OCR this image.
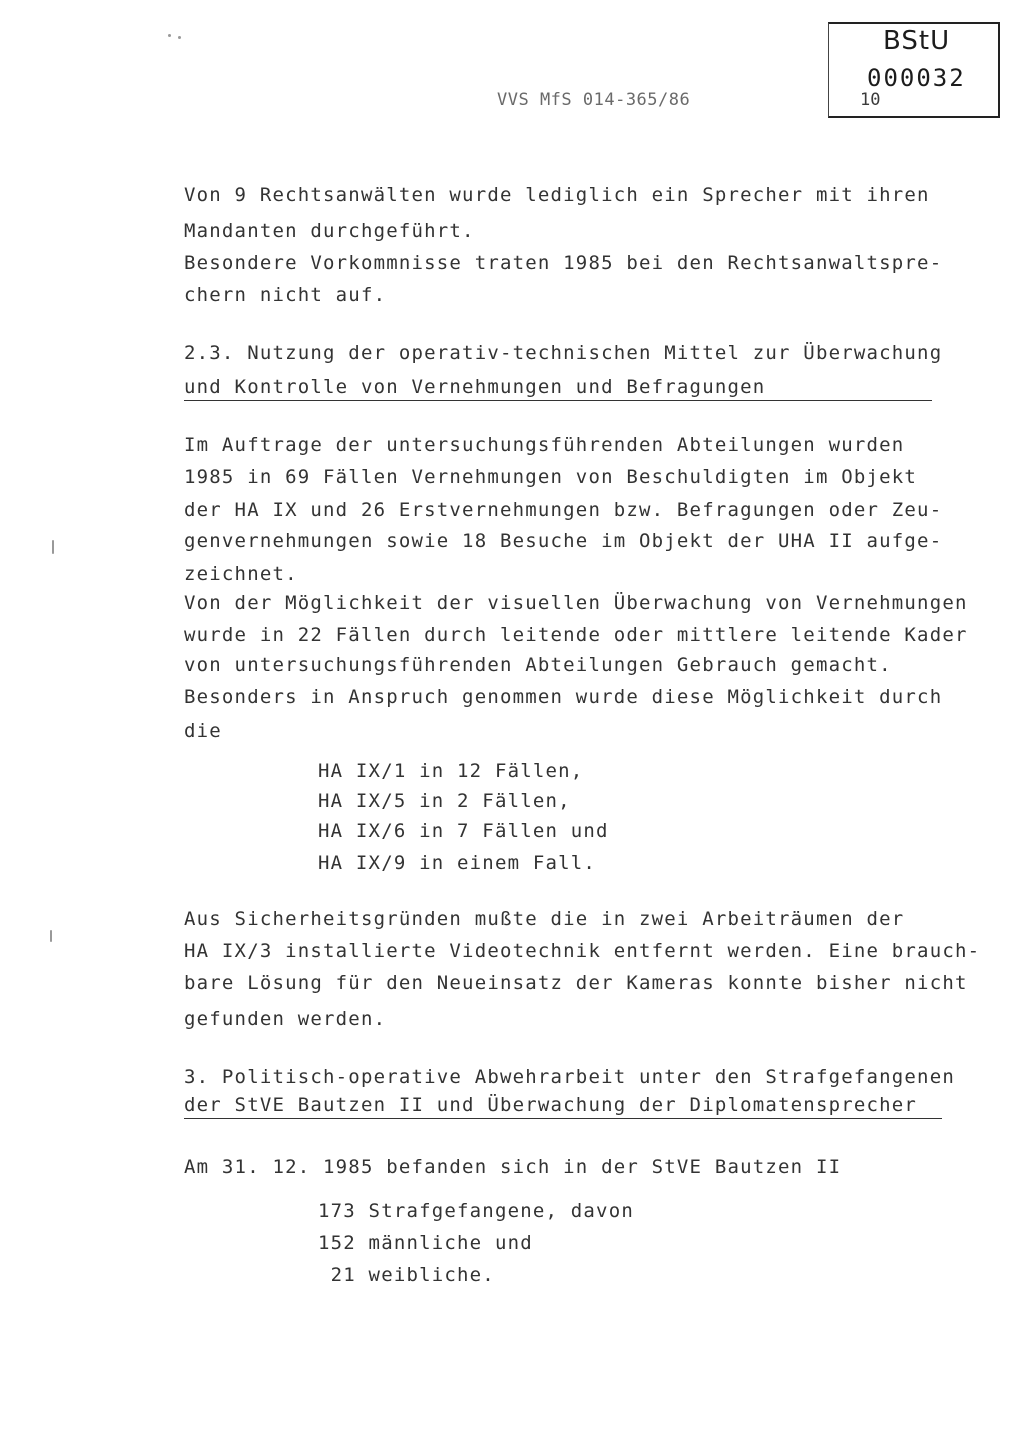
BStU
000032
VVS MfS 014-365/86	10
Von 9 Rechtsanwälten wurde lediglich ein Sprecher mit ihren
Mandanten durchgeführt.
Besondere Vorkommnisse traten 1985 bei den Rechtsanwaltspre-
chern nicht auf.
2.3. Nutzung der operativ-technischen Mittel zur Überwachung
und Kontrolle von Vernehmungen und Befragungen
Im Auftrage der untersuchungsführenden Abteilungen wurden
1985 in 69 Fällen Vernehmungen von Beschuldigten im Objekt
der HA IX und 26 Erstvernehmungen bzw. Befragungen oder Zeu-
genvernehmungen sowie 18 Besuche im Objekt der UHA II aufge-
zeichnet.
Von der Möglichkeit der visuellen Überwachung von Vernehmungen
wurde in 22 Fällen durch leitende oder mittlere leitende Kader
von untersuchungsführenden Abteilungen Gebrauch gemacht.
Besonders in Anspruch genommen wurde diese Möglichkeit durch
die
HA IX/1 in 12 Fällen,
HA IX/5 in 2 Fällen,
HA IX/6 in 7 Fällen und
HA IX/9 in einem Fall.
Aus Sicherheitsgründen mußte die in zwei Arbeiträumen der
HA IX/3 installierte Videotechnik entfernt werden. Eine brauch-
bare Lösung für den Neueinsatz der Kameras konnte bisher nicht
gefunden werden.
3. Politisch-operative Abwehrarbeit unter den Strafgefangenen
der StVE Bautzen II und Überwachung der Diplomatensprecher
Am 31. 12. 1985 befanden sich in der StVE Bautzen II
173 Strafgefangene, davon
152 männliche und
21 weibliche.
